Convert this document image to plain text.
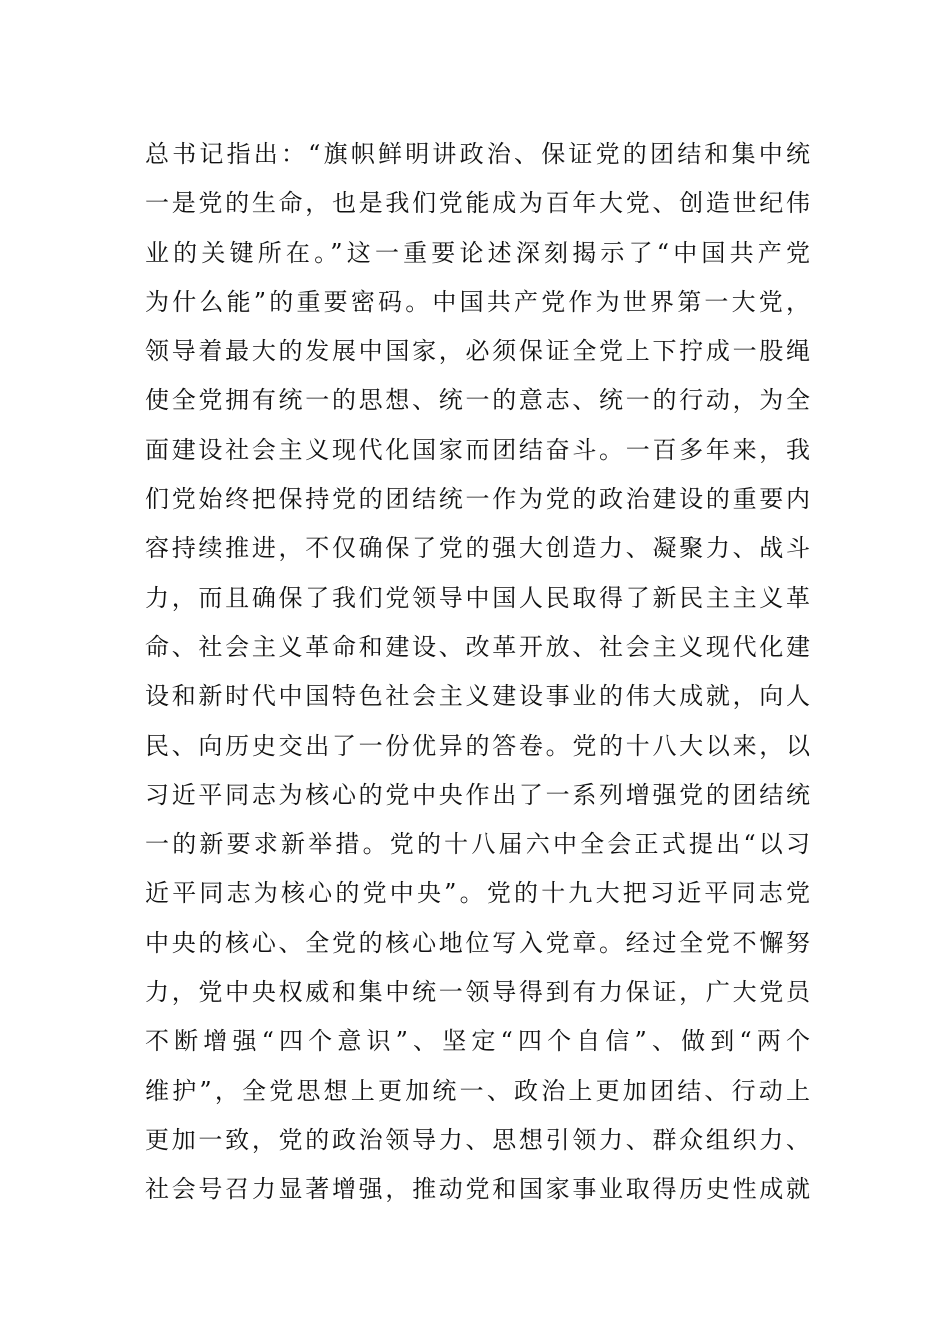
总书记指出：“旗帜鲜明讲政治、保证党的团结和集中统
一是党的生命，也是我们党能成为百年大党、创造世纪伟
业的关键所在。”这一重要论述深刻揭示了“中国共产党
为什么能”的重要密码。中国共产党作为世界第一大党，
领导着最大的发展中国家，必须保证全党上下拧成一股绳
使全党拥有统一的思想、统一的意志、统一的行动，为全
面建设社会主义现代化国家而团结奋斗。一百多年来，我
们党始终把保持党的团结统一作为党的政治建设的重要内
容持续推进，不仅确保了党的强大创造力、凝聚力、战斗
力，而且确保了我们党领导中国人民取得了新民主主义革
命、社会主义革命和建设、改革开放、社会主义现代化建
设和新时代中国特色社会主义建设事业的伟大成就，向人
民、向历史交出了一份优异的答卷。党的十八大以来，以
习近平同志为核心的党中央作出了一系列增强党的团结统
一的新要求新举措。党的十八届六中全会正式提出“以习
近平同志为核心的党中央”。党的十九大把习近平同志党
中央的核心、全党的核心地位写入党章。经过全党不懈努
力，党中央权威和集中统一领导得到有力保证，广大党员
不断增强“四个意识”、坚定“四个自信”、做到“两个
维护”，全党思想上更加统一、政治上更加团结、行动上
更加一致，党的政治领导力、思想引领力、群众组织力、
社会号召力显著增强，推动党和国家事业取得历史性成就
